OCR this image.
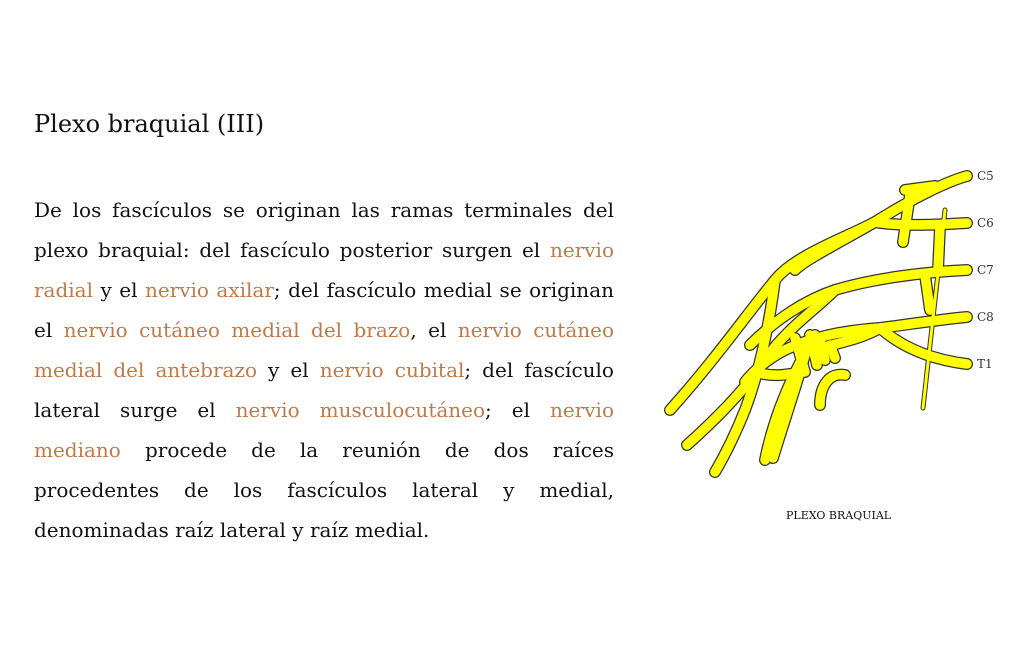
Plexo braquial (III)

De los fascículos se originan las ramas terminales del plexo braquial: del fascículo posterior surgen el nervio radial y el nervio axilar; del fascículo medial se originan el nervio cutáneo medial del brazo, el nervio cutáneo medial del antebrazo y el nervio cubital; del fascículo lateral surge el nervio musculocutáneo; el nervio mediano procede de la reunión de dos raíces procedentes de los fascículos lateral y medial, denominadas raíz lateral y raíz medial.

C5
C6
C7
C8
T1
PLEXO BRAQUIAL
